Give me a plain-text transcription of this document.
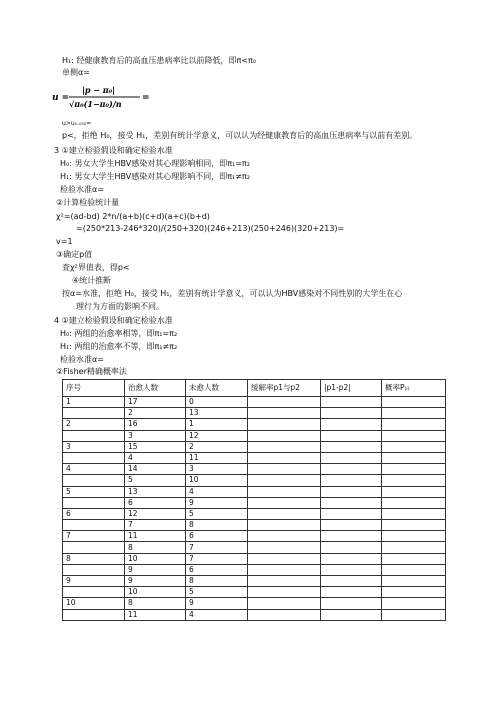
H₁: 经健康教育后的高血压患病率比以前降低，即π<π₀
单侧α=
u =
|p − π₀|
√π₀(1−π₀)/n
=
u>u₀.₀₅₀=
p<，拒绝 H₀，接受 H₁，差别有统计学意义，可以认为经健康教育后的高血压患病率与以前有差别。
3 ①建立检验假设和确定检验水准
H₀: 男女大学生HBV感染对其心理影响相同，即π₁=π₂
H₁: 男女大学生HBV感染对其心理影响不同，即π₁≠π₂
检验水准α=
②计算检验统计量
χ²=(ad-bd) 2*n/(a+b)(c+d)(a+c)(b+d)
=(250*213-246*320)/(250+320)(246+213)(250+246)(320+213)=
v=1
③确定p值
查χ²界值表，得p<
④统计推断
按α=水准，拒绝 H₀，接受 H₁，差别有统计学意义，可以认为HBV感染对不同性别的大学生在心
理行为方面的影响不同。
4 ①建立检验假设和确定检验水准
H₀: 两组的治愈率相等，即π₁=π₂
H₁: 两组的治愈率不等，即π₁≠π₂
检验水准α=
②Fisher精确概率法
序号	治愈人数	未愈人数	缓解率p1与p2	|p1-p2|	概率P₍ᵢ₎
1	17	0			
	2	13			
2	16	1			
	3	12			
3	15	2			
	4	11			
4	14	3			
	5	10			
5	13	4			
	6	9			
6	12	5			
	7	8			
7	11	6			
	8	7			
8	10	7			
	9	6			
9	9	8			
	10	5			
10	8	9			
	11	4			
